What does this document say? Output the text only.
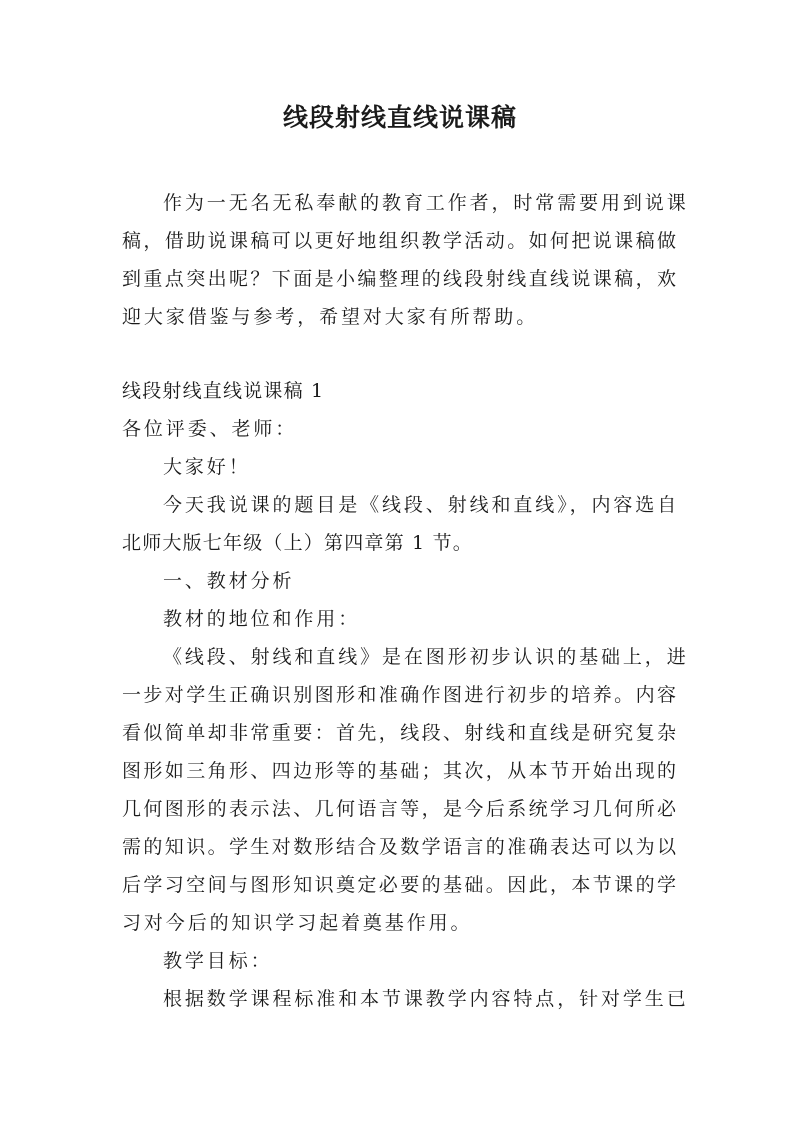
线段射线直线说课稿
作为一无名无私奉献的教育工作者，时常需要用到说课
稿，借助说课稿可以更好地组织教学活动。如何把说课稿做
到重点突出呢？下面是小编整理的线段射线直线说课稿，欢
迎大家借鉴与参考，希望对大家有所帮助。
线段射线直线说课稿 1
各位评委、老师：
大家好！
今天我说课的题目是《线段、射线和直线》，内容选自
北师大版七年级（上）第四章第 1 节。
一、教材分析
教材的地位和作用：
《线段、射线和直线》是在图形初步认识的基础上，进
一步对学生正确识别图形和准确作图进行初步的培养。内容
看似简单却非常重要：首先，线段、射线和直线是研究复杂
图形如三角形、四边形等的基础；其次，从本节开始出现的
几何图形的表示法、几何语言等，是今后系统学习几何所必
需的知识。学生对数形结合及数学语言的准确表达可以为以
后学习空间与图形知识奠定必要的基础。因此，本节课的学
习对今后的知识学习起着奠基作用。
教学目标：
根据数学课程标准和本节课教学内容特点，针对学生已
